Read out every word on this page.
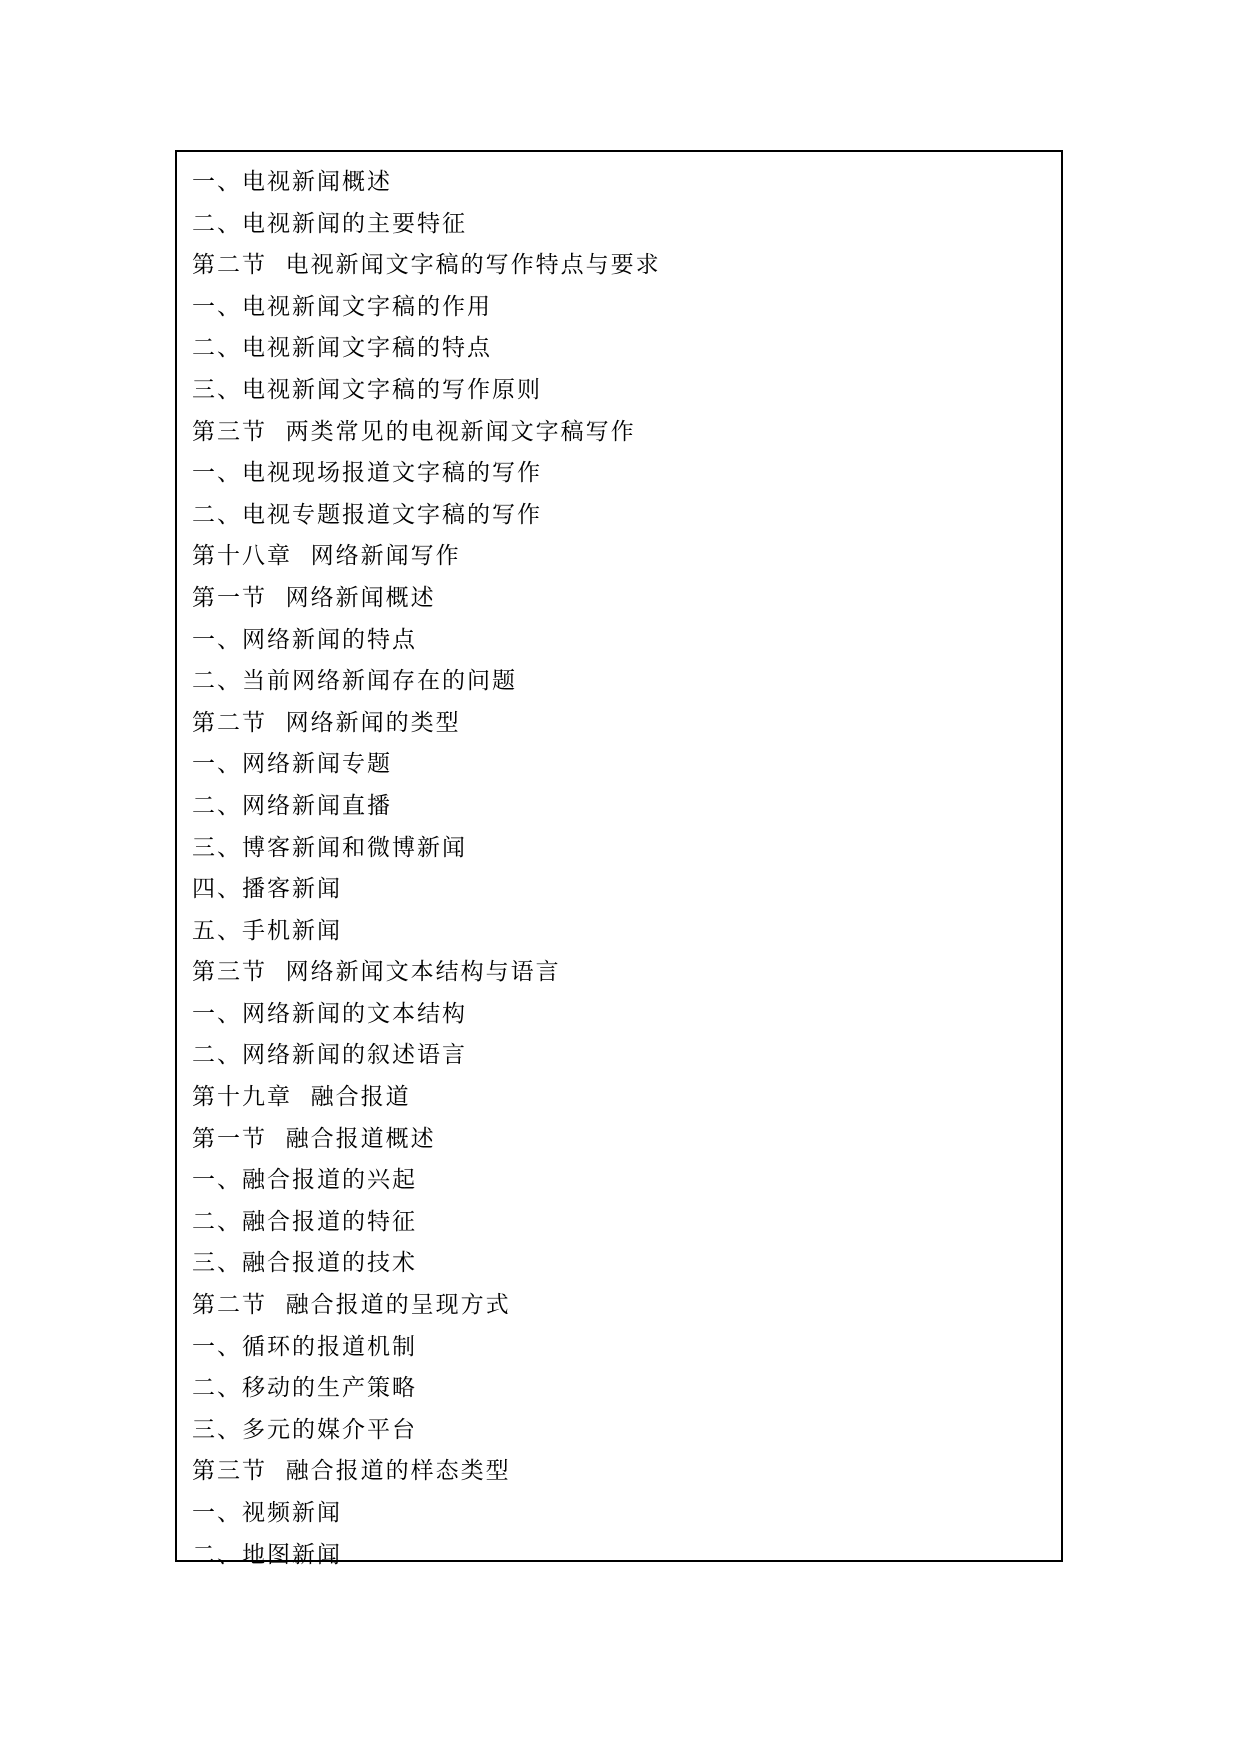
一、电视新闻概述
二、电视新闻的主要特征
第二节  电视新闻文字稿的写作特点与要求
一、电视新闻文字稿的作用
二、电视新闻文字稿的特点
三、电视新闻文字稿的写作原则
第三节  两类常见的电视新闻文字稿写作
一、电视现场报道文字稿的写作
二、电视专题报道文字稿的写作
第十八章  网络新闻写作
第一节  网络新闻概述
一、网络新闻的特点
二、当前网络新闻存在的问题
第二节  网络新闻的类型
一、网络新闻专题
二、网络新闻直播
三、博客新闻和微博新闻
四、播客新闻
五、手机新闻
第三节  网络新闻文本结构与语言
一、网络新闻的文本结构
二、网络新闻的叙述语言
第十九章  融合报道
第一节  融合报道概述
一、融合报道的兴起
二、融合报道的特征
三、融合报道的技术
第二节  融合报道的呈现方式
一、循环的报道机制
二、移动的生产策略
三、多元的媒介平台
第三节  融合报道的样态类型
一、视频新闻
二、地图新闻
